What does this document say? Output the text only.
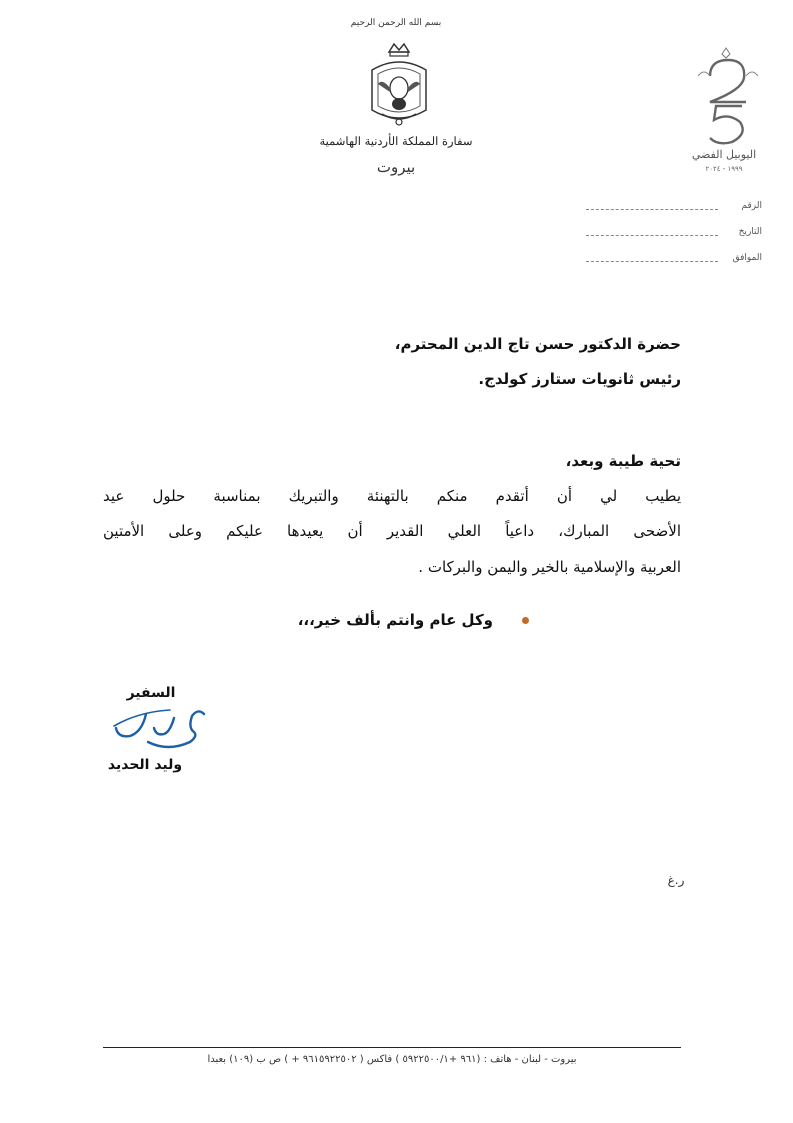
بسم الله الرحمن الرحيم
سفارة المملكة الأردنية الهاشمية
بيروت
اليوبيل الفضي
١٩٩٩ - ٢٠٢٤
الرقم
التاريخ
الموافق
حضرة الدكتور حسن تاج الدين المحترم،
رئيس ثانويات ستارز كولدج.
تحية طيبة وبعد،
يطيب لي أن أتقدم منكم بالتهنئة والتبريك بمناسبة حلول عيد
الأضحى المبارك، داعياً العلي القدير أن يعيدها عليكم وعلى الأمتين
العربية والإسلامية بالخير واليمن والبركات .
وكل عام وانتم بألف خير،،،
السفير
وليد الحديد
ر.غ
بيروت - لبنان - هاتف : (٩٦١ +٥٩٢٢٥٠٠/١ ) فاكس ( ٩٦١٥٩٢٢٥٠٢ + ) ص ب (١٠٩) بعبدا
